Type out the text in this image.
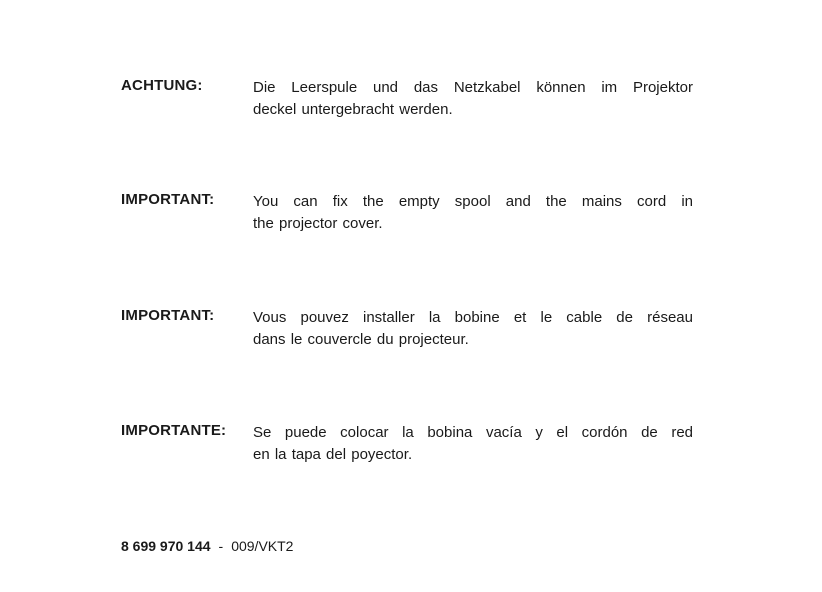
ACHTUNG:	Die Leerspule und das Netzkabel können im Projektor
deckel untergebracht werden.
IMPORTANT:	You can fix the empty spool and the mains cord in
the projector cover.
IMPORTANT:	Vous pouvez installer la bobine et le cable de réseau
dans le couvercle du projecteur.
IMPORTANTE: Se puede colocar la bobina vacía y el cordón de red
en la tapa del poyector.
8 699 970 144 - 009/VKT2
